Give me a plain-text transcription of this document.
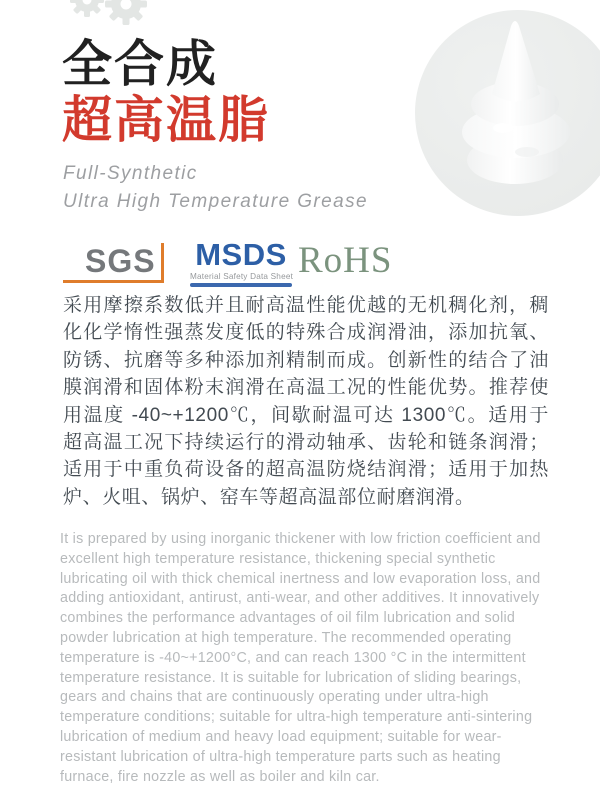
全合成
超高温脂
Full-Synthetic
Ultra High Temperature Grease
SGS MSDS
Material Safety Data Sheet RoHS

采用摩擦系数低并且耐高温性能优越的无机稠化剂，稠化化学惰性强蒸发度低的特殊合成润滑油，添加抗氧、防锈、抗磨等多种添加剂精制而成。创新性的结合了油膜润滑和固体粉末润滑在高温工况的性能优势。推荐使用温度 -40~+1200℃，间歇耐温可达 1300℃。适用于超高温工况下持续运行的滑动轴承、齿轮和链条润滑；适用于中重负荷设备的超高温防烧结润滑；适用于加热炉、火咀、锅炉、窑车等超高温部位耐磨润滑。

It is prepared by using inorganic thickener with low friction coefficient and excellent high temperature resistance, thickening special synthetic lubricating oil with thick chemical inertness and low evaporation loss, and adding antioxidant, antirust, anti-wear, and other additives. It innovatively combines the performance advantages of oil film lubrication and solid powder lubrication at high temperature. The recommended operating temperature is -40~+1200°C, and can reach 1300 °C in the intermittent temperature resistance. It is suitable for lubrication of sliding bearings, gears and chains that are continuously operating under ultra-high temperature conditions; suitable for ultra-high temperature anti-sintering lubrication of medium and heavy load equipment; suitable for wear-resistant lubrication of ultra-high temperature parts such as heating furnace, fire nozzle as well as boiler and kiln car.
